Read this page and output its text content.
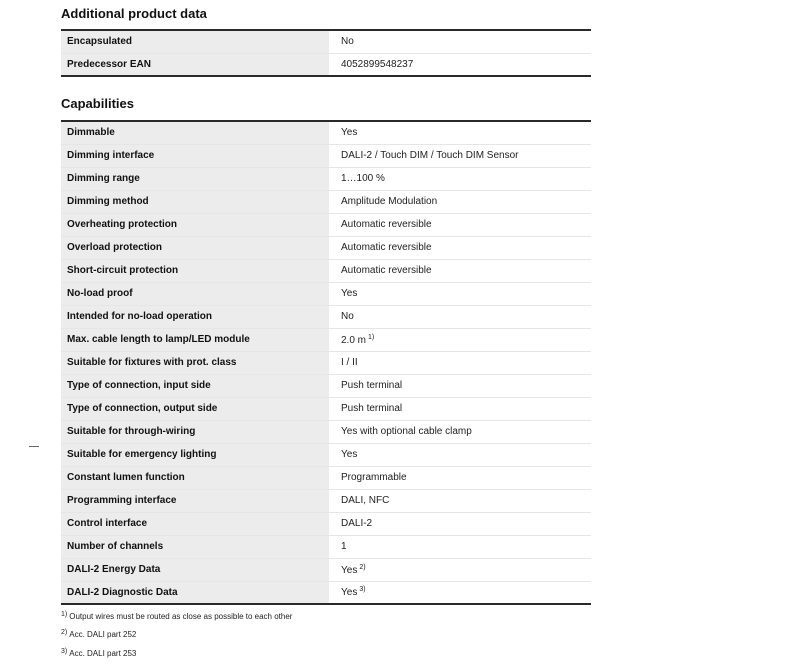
Additional product data
Encapsulated	No
Predecessor EAN	4052899548237
Capabilities
Dimmable	Yes
Dimming interface	DALI-2 / Touch DIM / Touch DIM Sensor
Dimming range	1…100 %
Dimming method	Amplitude Modulation
Overheating protection	Automatic reversible
Overload protection	Automatic reversible
Short-circuit protection	Automatic reversible
No-load proof	Yes
Intended for no-load operation	No
Max. cable length to lamp/LED module	2.0 m $^{1)}$
Suitable for fixtures with prot. class	I / II
Type of connection, input side	Push terminal
Type of connection, output side	Push terminal
Suitable for through-wiring	Yes with optional cable clamp
Suitable for emergency lighting	Yes
Constant lumen function	Programmable
Programming interface	DALI, NFC
Control interface	DALI-2
Number of channels	1
DALI-2 Energy Data	Yes $^{2)}$
DALI-2 Diagnostic Data	Yes $^{3)}$
$^{1)}$ Output wires must be routed as close as possible to each other
$^{2)}$ Acc. DALI part 252
$^{3)}$ Acc. DALI part 253
